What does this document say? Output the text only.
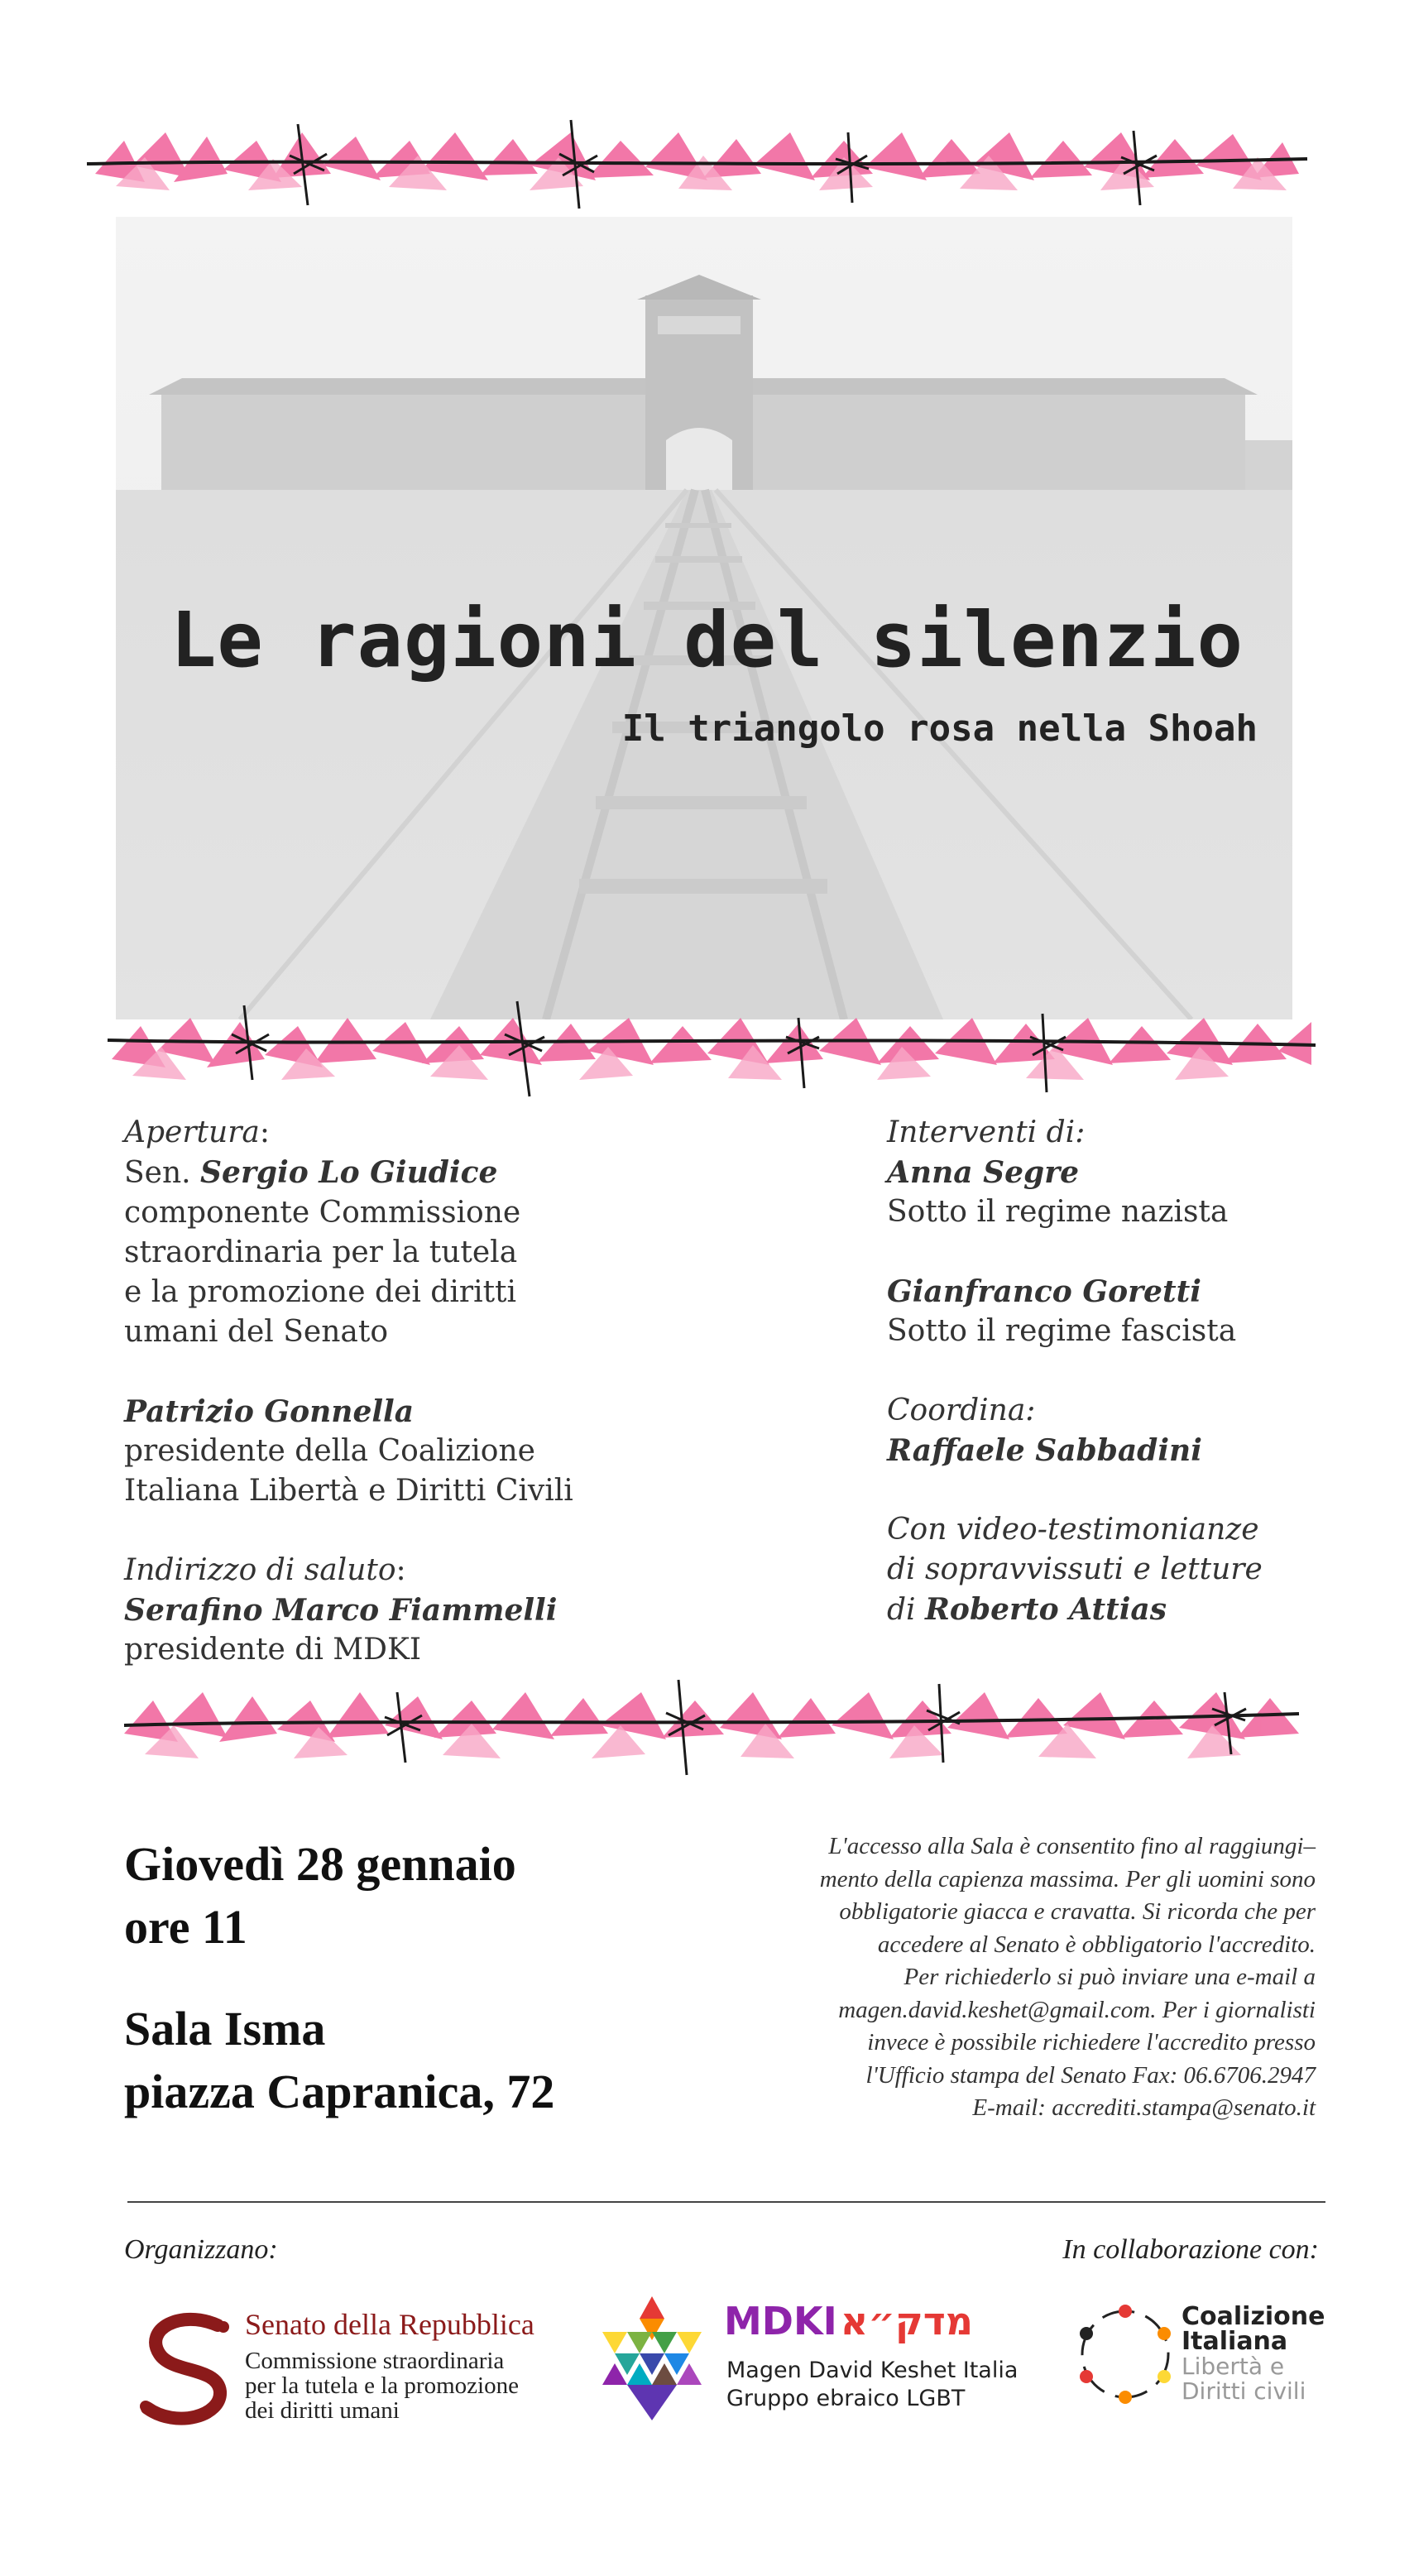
Le ragioni del silenzio
Il triangolo rosa nella Shoah

Apertura:

Sen. Sergio Lo Giudice

componente Commissione

straordinaria per la tutela

e la promozione dei diritti

umani del Senato

Patrizio Gonnella

presidente della Coalizione

Italiana Libertà e Diritti Civili

Indirizzo di saluto:

Serafino Marco Fiammelli

presidente di MDKI

Interventi di:

Anna Segre

Sotto il regime nazista

Gianfranco Goretti

Sotto il regime fascista

Coordina:

Raffaele Sabbadini

Con video-testimonianze

di sopravvissuti e letture

di Roberto Attias

Giovedì 28 gennaio
ore 11
Sala Isma
piazza Capranica, 72
L'accesso alla Sala è consentito fino al raggiungi–
mento della capienza massima. Per gli uomini sono
obbligatorie giacca e cravatta. Si ricorda che per
accedere al Senato è obbligatorio l'accredito.
Per richiederlo si può inviare una e-mail a
magen.david.keshet@gmail.com. Per i giornalisti
invece è possibile richiedere l'accredito presso
l'Ufficio stampa del Senato Fax: 06.6706.2947
E-mail: accrediti.stampa@senato.it
Organizzano:	In collaborazione con:
Senato della Repubblica
Commissione straordinaria
per la tutela e la promozione
dei diritti umani
MDKIמדק״א
Magen David Keshet Italia
Gruppo ebraico LGBT
Coalizione
Italiana
Libertà e
Diritti civili
